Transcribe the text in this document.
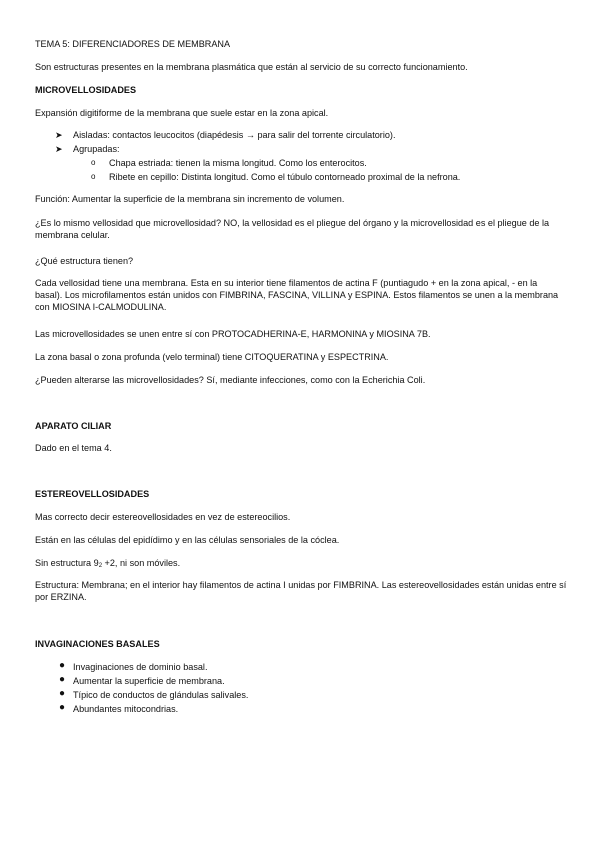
TEMA 5: DIFERENCIADORES DE MEMBRANA
Son estructuras presentes en la membrana plasmática que están al servicio de su correcto funcionamiento.
MICROVELLOSIDADES
Expansión digitiforme de la membrana que suele estar en la zona apical.
➤ Aisladas: contactos leucocitos (diapédesis → para salir del torrente circulatorio).
➤ Agrupadas:
o Chapa estriada: tienen la misma longitud. Como los enterocitos.
o Ribete en cepillo: Distinta longitud. Como el túbulo contorneado proximal de la nefrona.
Función: Aumentar la superficie de la membrana sin incremento de volumen.
¿Es lo mismo vellosidad que microvellosidad? NO, la vellosidad es el pliegue del órgano y la microvellosidad es el pliegue de la membrana celular.
¿Qué estructura tienen?
Cada vellosidad tiene una membrana. Esta en su interior tiene filamentos de actina F (puntiagudo + en la zona apical, - en la basal). Los microfilamentos están unidos con FIMBRINA, FASCINA, VILLINA y ESPINA. Estos filamentos se unen a la membrana con MIOSINA I-CALMODULINA.
Las microvellosidades se unen entre sí con PROTOCADHERINA-E, HARMONINA y MIOSINA 7B.
La zona basal o zona profunda (velo terminal) tiene CITOQUERATINA y ESPECTRINA.
¿Pueden alterarse las microvellosidades? Sí, mediante infecciones, como con la Echerichia Coli.
APARATO CILIAR
Dado en el tema 4.
ESTEREOVELLOSIDADES
Mas correcto decir estereovellosidades en vez de estereocilios.
Están en las células del epidídimo y en las células sensoriales de la cóclea.
Sin estructura $9_2 +2$, ni son móviles.
Estructura: Membrana; en el interior hay filamentos de actina I unidas por FIMBRINA. Las estereovellosidades están unidas entre sí por ERZINA.
INVAGINACIONES BASALES
● Invaginaciones de dominio basal.
● Aumentar la superficie de membrana.
● Típico de conductos de glándulas salivales.
● Abundantes mitocondrias.
